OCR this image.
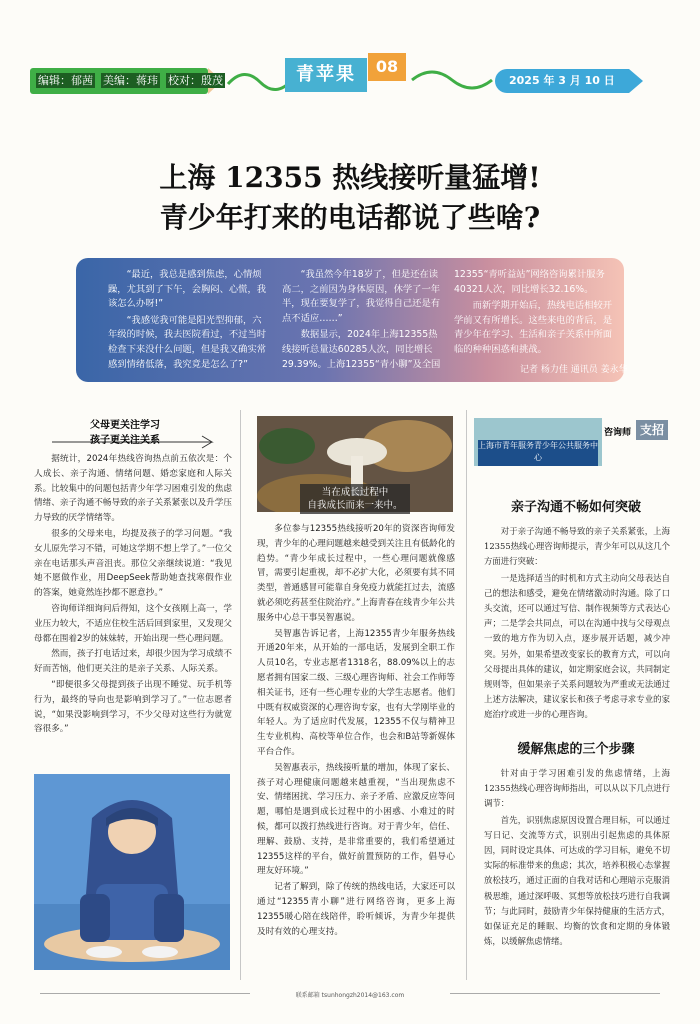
编辑：郁茜 美编：蒋玮 校对：殷茂	青苹果	08
2025 年 3 月 10 日
上海 12355 热线接听量猛增!
青少年打来的电话都说了些啥?

“最近，我总是感到焦虑，心情烦躁，尤其到了下午，会胸闷、心慌，我该怎么办呀!”

“我感觉我可能是阳光型抑郁，六年级的时候，我去医院看过，不过当时检查下来没什么问题，但是我又确实常感到情绪低落，我究竟是怎么了?”

“我虽然今年18岁了，但是还在读高二，之前因为身体原因，休学了一年半，现在要复学了，我觉得自己还是有点不适应……”

数据显示，2024年上海12355热线接听总量达60285人次，同比增长29.39%。上海12355“青小聊”及全国

12355“青听益站”网络咨询累计服务40321人次，同比增长32.16%。

而新学期开始后，热线电话相较开学前又有所增长。这些来电的背后，是青少年在学习、生活和亲子关系中所面临的种种困惑和挑战。

记者 杨力佳 通讯员 姜永华
父母更关注学习
孩子更关注关系

据统计，2024年热线咨询热点前五依次是：个人成长、亲子沟通、情绪问题、婚恋家庭和人际关系。比较集中的问题包括青少年学习困难引发的焦虑情绪、亲子沟通不畅导致的亲子关系紧张以及升学压力导致的厌学情绪等。

很多的父母来电，均提及孩子的学习问题。“我女儿原先学习不错，可她这学期不想上学了。”一位父亲在电话那头声音沮丧。那位父亲继续说道：“我见她不愿做作业，用DeepSeek帮助她查找寒假作业的答案，她竟然连抄都不愿意抄。”

咨询师详细询问后得知，这个女孩刚上高一，学业压力较大，不适应住校生活后回到家里，又发现父母都在围着2岁的妹妹转，开始出现一些心理问题。

然而，孩子打电话过来，却很少因为学习成绩不好而苦恼，他们更关注的是亲子关系、人际关系。

“即便很多父母提到孩子出现不睡觉、玩手机等行为，最终的导向也是影响到学习了。”一位志愿者说，“如果没影响到学习，不少父母对这些行为就宽容很多。”

当在成长过程中
自我成长而来一来中。

多位参与12355热线接听20年的资深咨询师发现，青少年的心理问题越来越受到关注且有低龄化的趋势。“青少年成长过程中，一些心理问题就像感冒，需要引起重视，却不必扩大化，必须要有其不同类型，普通感冒可能靠自身免疫力就能扛过去，流感就必须吃药甚至住院治疗。”上海青春在线青少年公共服务中心总干事吴智惠说。

吴智惠告诉记者，上海12355青少年服务热线开通20年来，从开始的一部电话，发展到全职工作人员10名，专业志愿者1318名，88.09%以上的志愿者拥有国家二级、三级心理咨询师、社会工作师等相关证书，还有一些心理专业的大学生志愿者。他们中既有权威资深的心理咨询专家，也有大学刚毕业的年轻人。为了适应时代发展，12355不仅与精神卫生专业机构、高校等单位合作，也会和B站等新媒体平台合作。

吴智惠表示，热线接听量的增加，体现了家长、孩子对心理健康问题越来越重视，“当出现焦虑不安、情绪困扰、学习压力、亲子矛盾、应激反应等问题，哪怕是遇到成长过程中的小困惑、小难过的时候，都可以拨打热线进行咨询。对于青少年，信任、理解、鼓励、支持，是非常重要的，我们希望通过12355这样的平台，做好前置预防的工作，倡导心理友好环境。”

记者了解到，除了传统的热线电话，大家还可以通过“12355青小聊”进行网络咨询，更多上海12355暖心陪在线陪伴，聆听倾诉，为青少年提供及时有效的心理支持。

上海市青年服务青少年公共服务中心
咨询师 支招
亲子沟通不畅如何突破

对于亲子沟通不畅导致的亲子关系紧张，上海12355热线心理咨询师提示，青少年可以从这几个方面进行突破：

一是选择适当的时机和方式主动向父母表达自己的想法和感受，避免在情绪激动时沟通。除了口头交流，还可以通过写信、制作视频等方式表达心声；二是学会共同点，可以在沟通中找与父母观点一致的地方作为切入点，逐步展开话题，减少冲突。另外，如果希望改变家长的教育方式，可以向父母提出具体的建议，如定期家庭会议，共同制定规则等，但如果亲子关系问题较为严重或无法通过上述方法解决，建议家长和孩子考虑寻求专业的家庭治疗或进一步的心理咨询。

缓解焦虑的三个步骤

针对由于学习困难引发的焦虑情绪，上海12355热线心理咨询师指出，可以从以下几点进行调节：

首先，识别焦虑原因设置合理目标，可以通过写日记、交流等方式，识别出引起焦虑的具体原因，同时设定具体、可达成的学习目标，避免不切实际的标准带来的焦虑；其次，培养积极心态掌握放松技巧，通过正面的自我对话和心理暗示克服消极思维，通过深呼吸、冥想等放松技巧进行自我调节；与此同时，鼓励青少年保持健康的生活方式，如保证充足的睡眠、均衡的饮食和定期的身体锻炼，以缓解焦虑情绪。

联系邮箱 tsunhongzh2014@163.com
